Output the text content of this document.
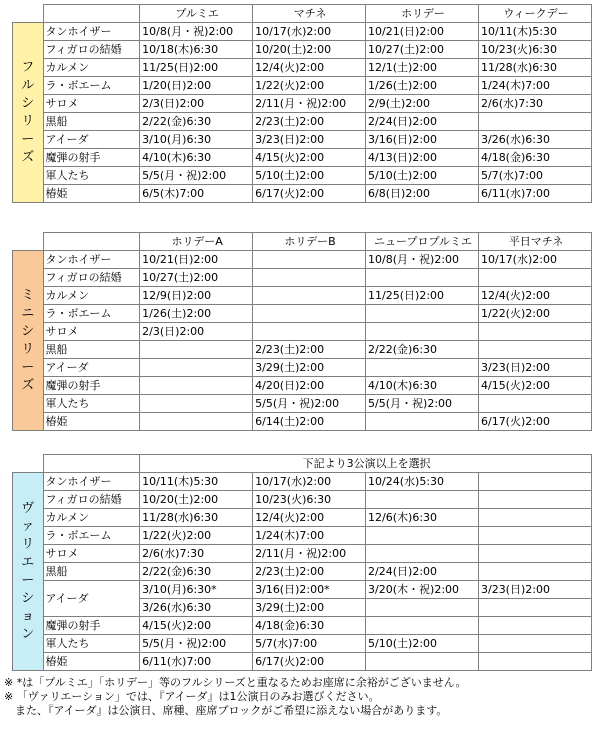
		プルミエ	マチネ	ホリデー	ウィークデー
フルシリーズ	タンホイザー	10/8(月・祝)2:00	10/17(水)2:00	10/21(日)2:00	10/11(木)5:30
	フィガロの結婚	10/18(木)6:30	10/20(土)2:00	10/27(土)2:00	10/23(火)6:30
	カルメン	11/25(日)2:00	12/4(火)2:00	12/1(土)2:00	11/28(水)6:30
	ラ・ボエーム	1/20(日)2:00	1/22(火)2:00	1/26(土)2:00	1/24(木)7:00
	サロメ	2/3(日)2:00	2/11(月・祝)2:00	2/9(土)2:00	2/6(水)7:30
	黒船	2/22(金)6:30	2/23(土)2:00	2/24(日)2:00	
	アイーダ	3/10(月)6:30	3/23(日)2:00	3/16(日)2:00	3/26(水)6:30
	魔弾の射手	4/10(木)6:30	4/15(火)2:00	4/13(日)2:00	4/18(金)6:30
	軍人たち	5/5(月・祝)2:00	5/10(土)2:00	5/10(土)2:00	5/7(水)7:00
	椿姫	6/5(木)7:00	6/17(火)2:00	6/8(日)2:00	6/11(水)7:00
		ホリデーA	ホリデーB	ニュープロプルミエ	平日マチネ
ミニシリーズ	タンホイザー	10/21(日)2:00		10/8(月・祝)2:00	10/17(水)2:00
	フィガロの結婚	10/27(土)2:00			
	カルメン	12/9(日)2:00		11/25(日)2:00	12/4(火)2:00
	ラ・ボエーム	1/26(土)2:00			1/22(火)2:00
	サロメ	2/3(日)2:00			
	黒船		2/23(土)2:00	2/22(金)6:30	
	アイーダ		3/29(土)2:00		3/23(日)2:00
	魔弾の射手		4/20(日)2:00	4/10(木)6:30	4/15(火)2:00
	軍人たち		5/5(月・祝)2:00	5/5(月・祝)2:00	
	椿姫		6/14(土)2:00		6/17(火)2:00
		下記より3公演以上を選択			
ヴァリエーション	タンホイザー	10/11(木)5:30	10/17(水)2:00	10/24(水)5:30	
	フィガロの結婚	10/20(土)2:00	10/23(火)6:30		
	カルメン	11/28(水)6:30	12/4(火)2:00	12/6(木)6:30	
	ラ・ボエーム	1/22(火)2:00	1/24(木)7:00		
	サロメ	2/6(水)7:30	2/11(月・祝)2:00		
	黒船	2/22(金)6:30	2/23(土)2:00	2/24(日)2:00	
	アイーダ	3/10(月)6:30*	3/16(日)2:00*	3/20(木・祝)2:00	3/23(日)2:00
		3/26(水)6:30	3/29(土)2:00		
	魔弾の射手	4/15(火)2:00	4/18(金)6:30		
	軍人たち	5/5(月・祝)2:00	5/7(水)7:00	5/10(土)2:00	
	椿姫	6/11(水)7:00	6/17(火)2:00		
※ *は「プルミエ」「ホリデー」等のフルシリーズと重なるためお座席に余裕がございません。
※ 「ヴァリエーション」では、『アイーダ』は1公演日のみお選びください。
　また、『アイーダ』は公演日、席種、座席ブロックがご希望に添えない場合があります。
